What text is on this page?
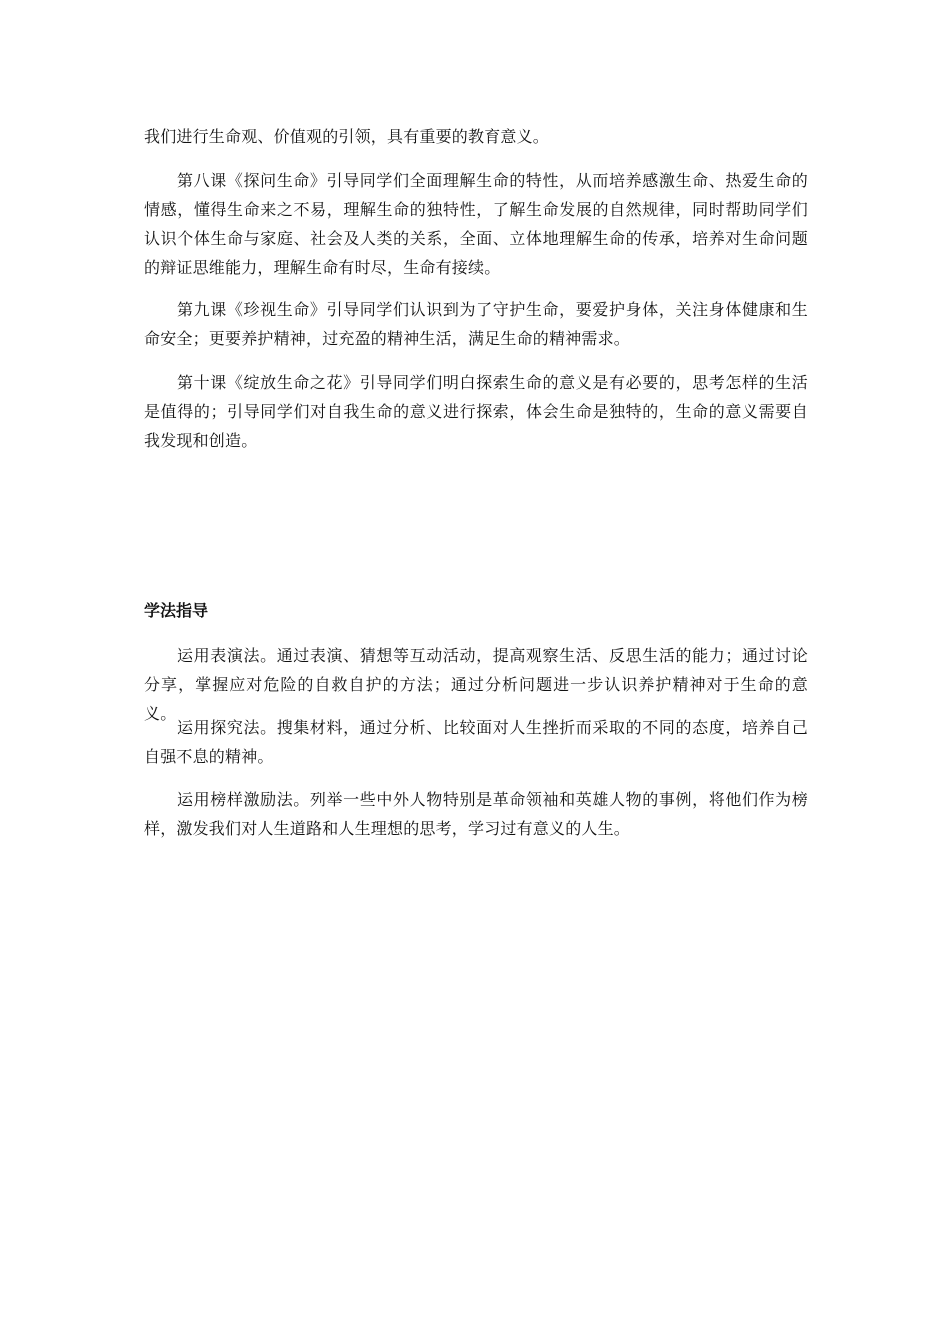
我们进行生命观、价值观的引领，具有重要的教育意义。

第八课《探问生命》引导同学们全面理解生命的特性，从而培养感激生命、热爱生命的情感，懂得生命来之不易，理解生命的独特性，了解生命发展的自然规律，同时帮助同学们认识个体生命与家庭、社会及人类的关系，全面、立体地理解生命的传承，培养对生命问题的辩证思维能力，理解生命有时尽，生命有接续。

第九课《珍视生命》引导同学们认识到为了守护生命，要爱护身体，关注身体健康和生命安全；更要养护精神，过充盈的精神生活，满足生命的精神需求。

第十课《绽放生命之花》引导同学们明白探索生命的意义是有必要的，思考怎样的生活是值得的；引导同学们对自我生命的意义进行探索，体会生命是独特的，生命的意义需要自我发现和创造。

学法指导

运用表演法。通过表演、猜想等互动活动，提高观察生活、反思生活的能力；通过讨论分享，掌握应对危险的自救自护的方法；通过分析问题进一步认识养护精神对于生命的意义。

运用探究法。搜集材料，通过分析、比较面对人生挫折而采取的不同的态度，培养自己自强不息的精神。

运用榜样激励法。列举一些中外人物特别是革命领袖和英雄人物的事例，将他们作为榜样，激发我们对人生道路和人生理想的思考，学习过有意义的人生。
